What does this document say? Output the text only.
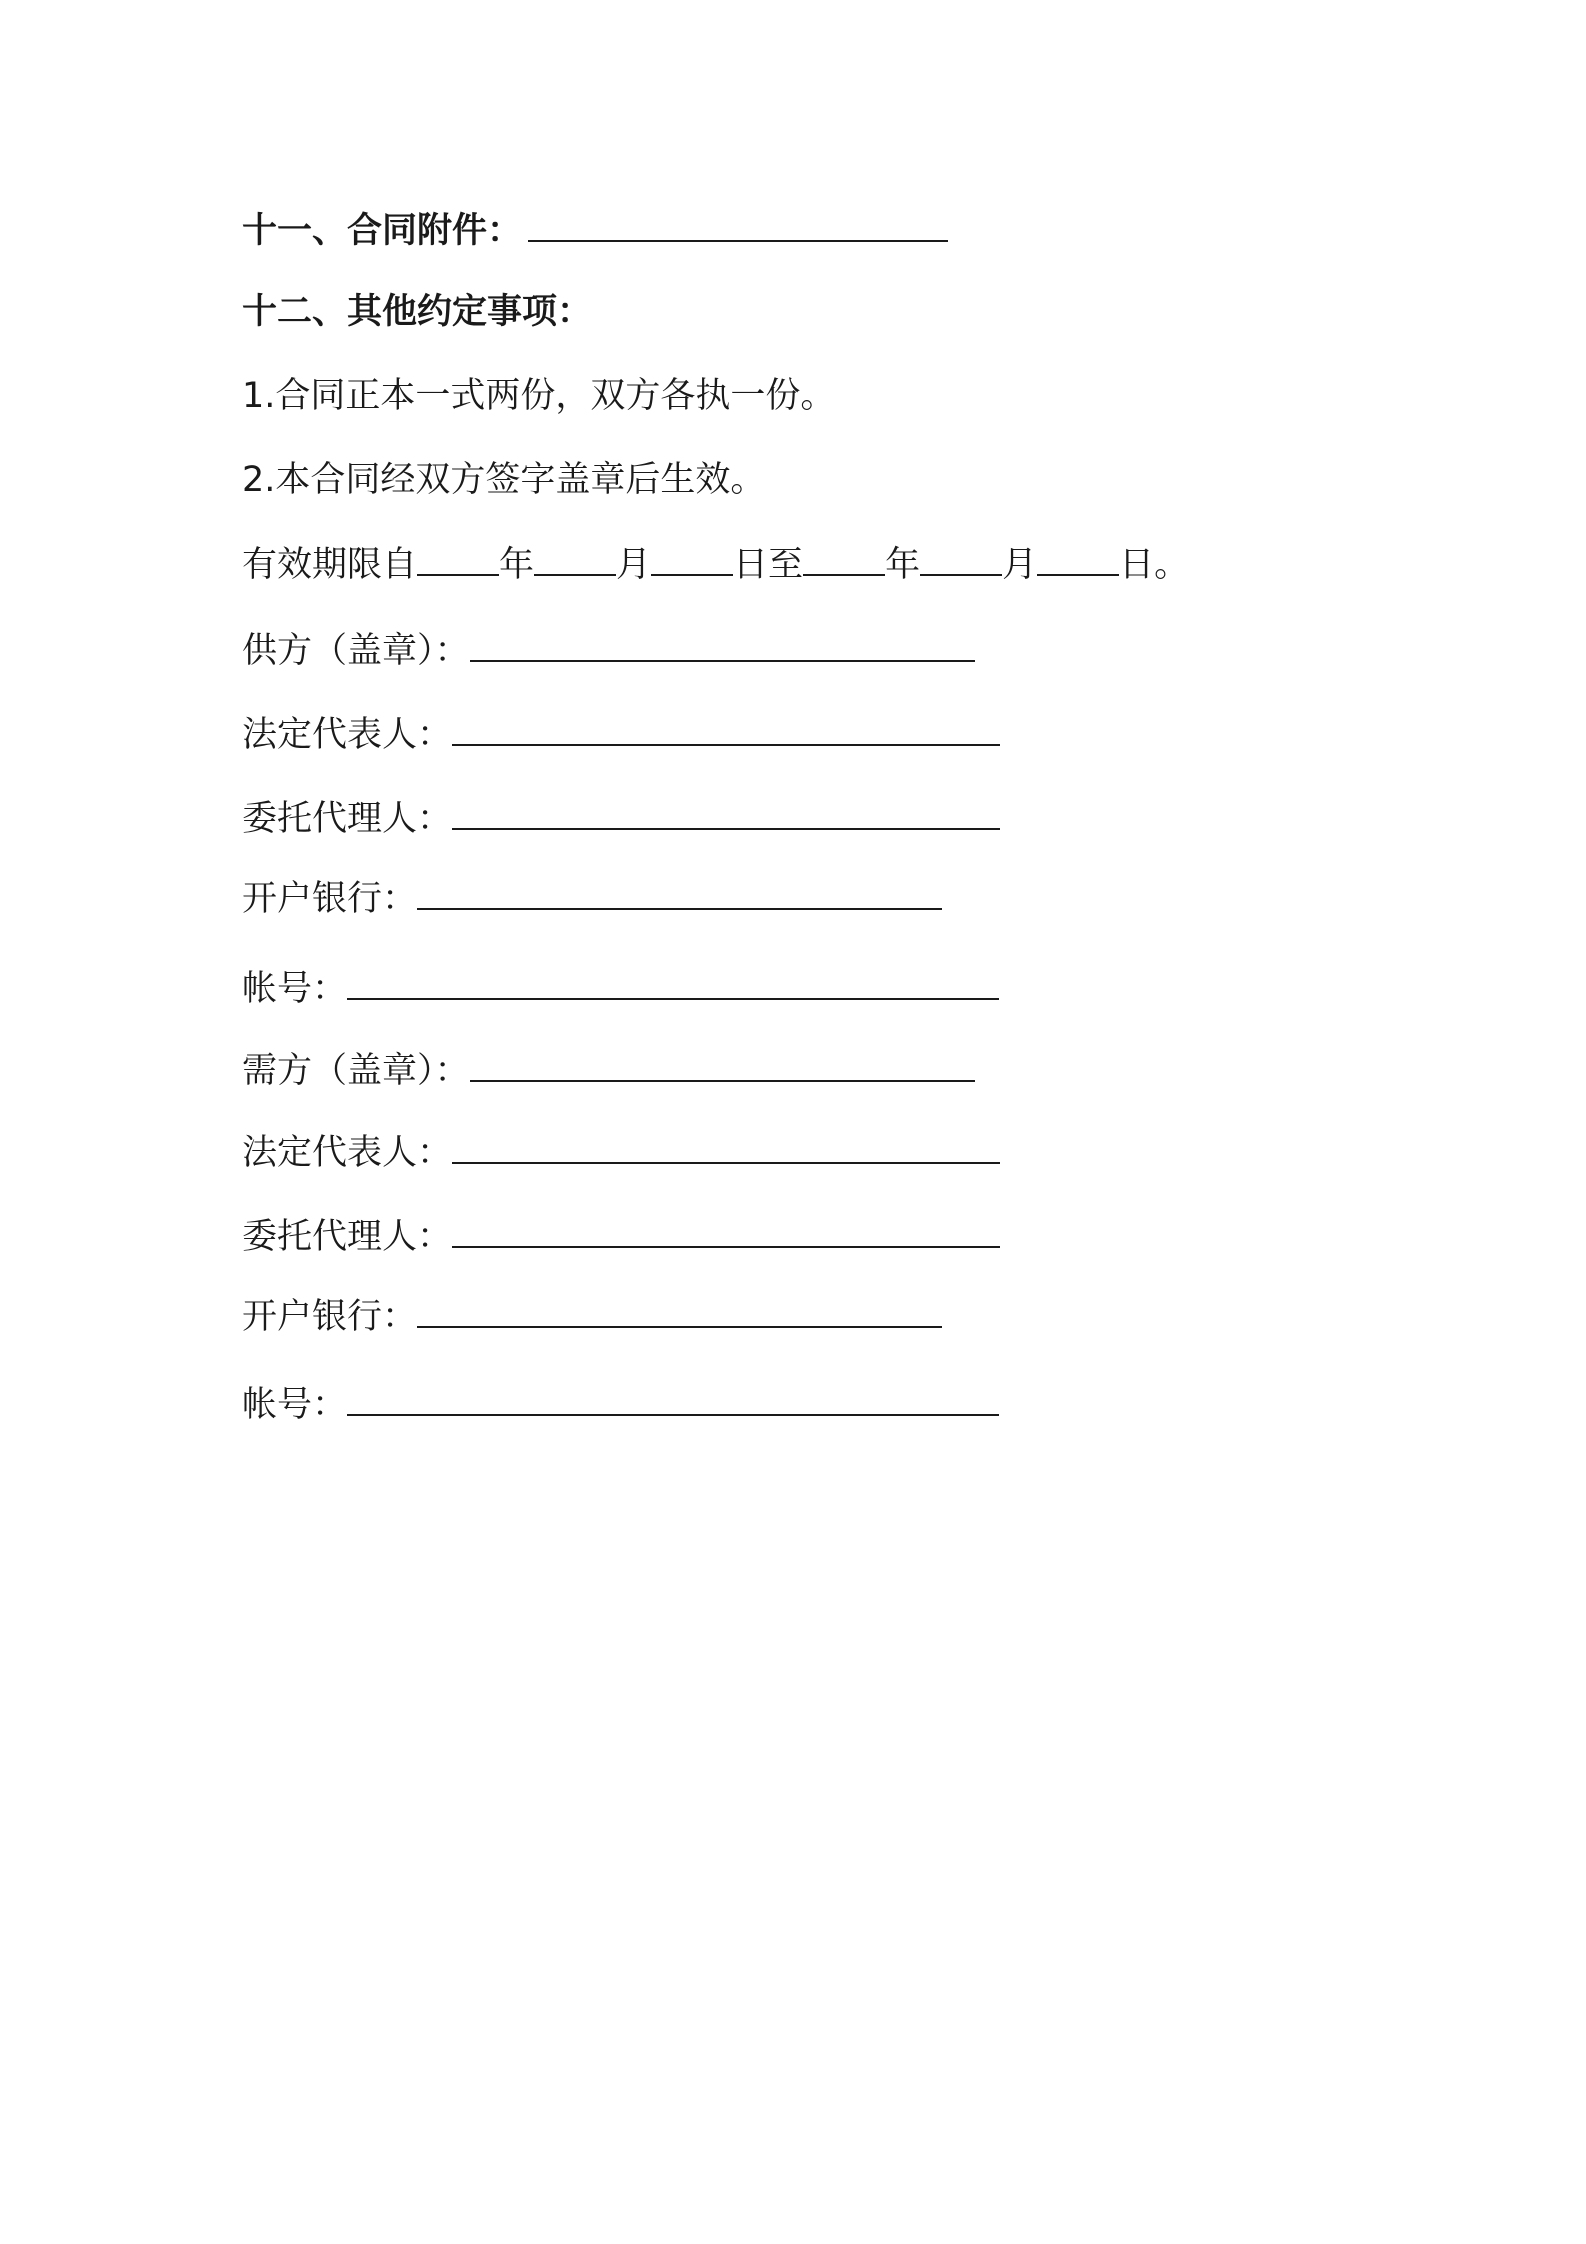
十一、合同附件：
十二、其他约定事项：
1.合同正本一式两份，双方各执一份。
2.本合同经双方签字盖章后生效。
有效期限自 年 月 日至 年 月 日。
供方（盖章）：
法定代表人：
委托代理人：
开户银行：
帐号：
需方（盖章）：
法定代表人：
委托代理人：
开户银行：
帐号：
